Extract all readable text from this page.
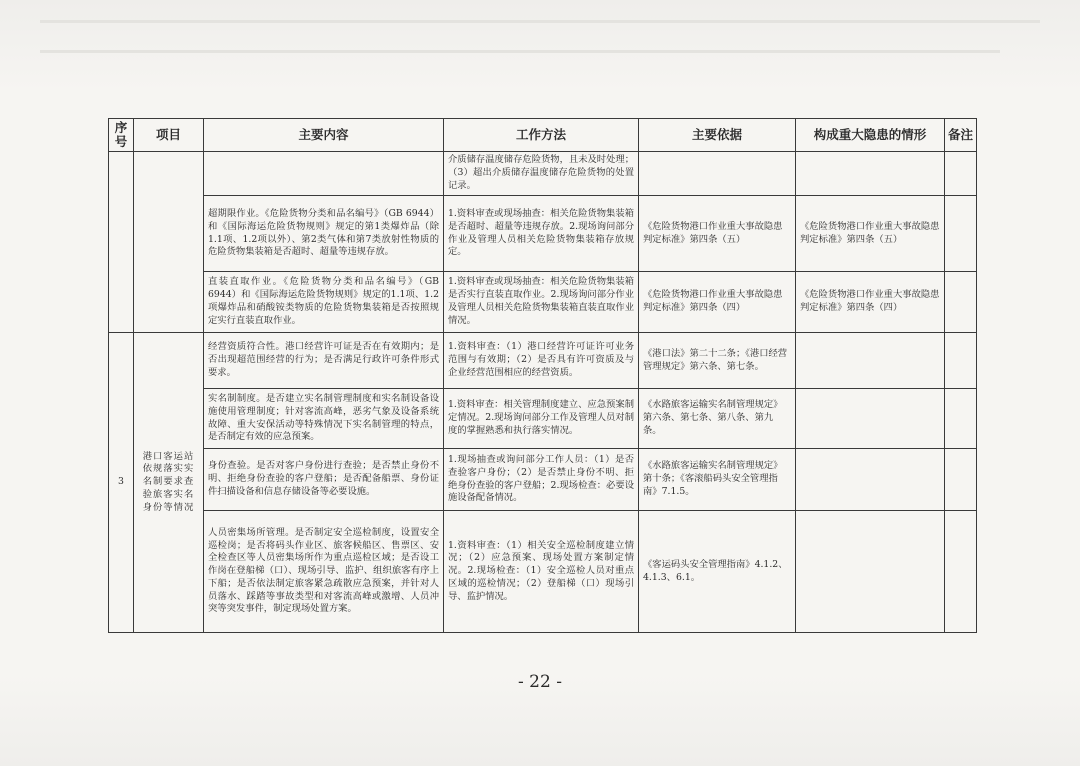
序号	项目	主要内容	工作方法	主要依据	构成重大隐患的情形	备注
			介质储存温度储存危险货物，且未及时处理；（3）超出介质储存温度储存危险货物的处置记录。			
		超期限作业。《危险货物分类和品名编号》（GB 6944）和《国际海运危险货物规则》规定的第1类爆炸品（除1.1项、1.2项以外）、第2类气体和第7类放射性物质的危险货物集装箱是否超时、超量等违规存放。	1.资料审查或现场抽查：相关危险货物集装箱是否超时、超量等违规存放。2.现场询问部分作业及管理人员相关危险货物集装箱存放规定。	《危险货物港口作业重大事故隐患判定标准》第四条（五）	《危险货物港口作业重大事故隐患判定标准》第四条（五）	
		直装直取作业。《危险货物分类和品名编号》（GB 6944）和《国际海运危险货物规则》规定的1.1项、1.2项爆炸品和硝酸铵类物质的危险货物集装箱是否按照规定实行直装直取作业。	1.资料审查或现场抽查：相关危险货物集装箱是否实行直装直取作业。2.现场询问部分作业及管理人员相关危险货物集装箱直装直取作业情况。	《危险货物港口作业重大事故隐患判定标准》第四条（四）	《危险货物港口作业重大事故隐患判定标准》第四条（四）	
3	港口客运站依规落实实名制要求查验旅客实名身份等情况	经营资质符合性。港口经营许可证是否在有效期内；是否出现超范围经营的行为；是否满足行政许可条件形式要求。	1.资料审查：（1）港口经营许可证许可业务范围与有效期；（2）是否具有许可资质及与企业经营范围相应的经营资质。	《港口法》第二十二条；《港口经营管理规定》第六条、第七条。		
		实名制制度。是否建立实名制管理制度和实名制设备设施使用管理制度；针对客流高峰，恶劣气象及设备系统故障、重大安保活动等特殊情况下实名制管理的特点，是否制定有效的应急预案。	1.资料审查：相关管理制度建立、应急预案制定情况。2.现场询问部分工作及管理人员对制度的掌握熟悉和执行落实情况。	《水路旅客运输实名制管理规定》第六条、第七条、第八条、第九条。		
		身份查验。是否对客户身份进行查验；是否禁止身份不明、拒绝身份查验的客户登船；是否配备船票、身份证件扫描设备和信息存储设备等必要设施。	1.现场抽查或询问部分工作人员：（1）是否查验客户身份；（2）是否禁止身份不明、拒绝身份查验的客户登船；2.现场检查：必要设施设备配备情况。	《水路旅客运输实名制管理规定》第十条；《客滚船码头安全管理指南》7.1.5。		
		人员密集场所管理。是否制定安全巡检制度，设置安全巡检岗；是否将码头作业区、旅客候船区、售票区、安全检查区等人员密集场所作为重点巡检区域；是否设工作岗在登船梯（口）、现场引导、监护、组织旅客有序上下船；是否依法制定旅客紧急疏散应急预案，并针对人员落水、踩踏等事故类型和对客流高峰或激增、人员冲突等突发事件，制定现场处置方案。	1.资料审查：（1）相关安全巡检制度建立情况；（2）应急预案、现场处置方案制定情况。2.现场检查：（1）安全巡检人员对重点区域的巡检情况；（2）登船梯（口）现场引导、监护情况。	《客运码头安全管理指南》4.1.2、4.1.3、6.1。		
- 22 -
